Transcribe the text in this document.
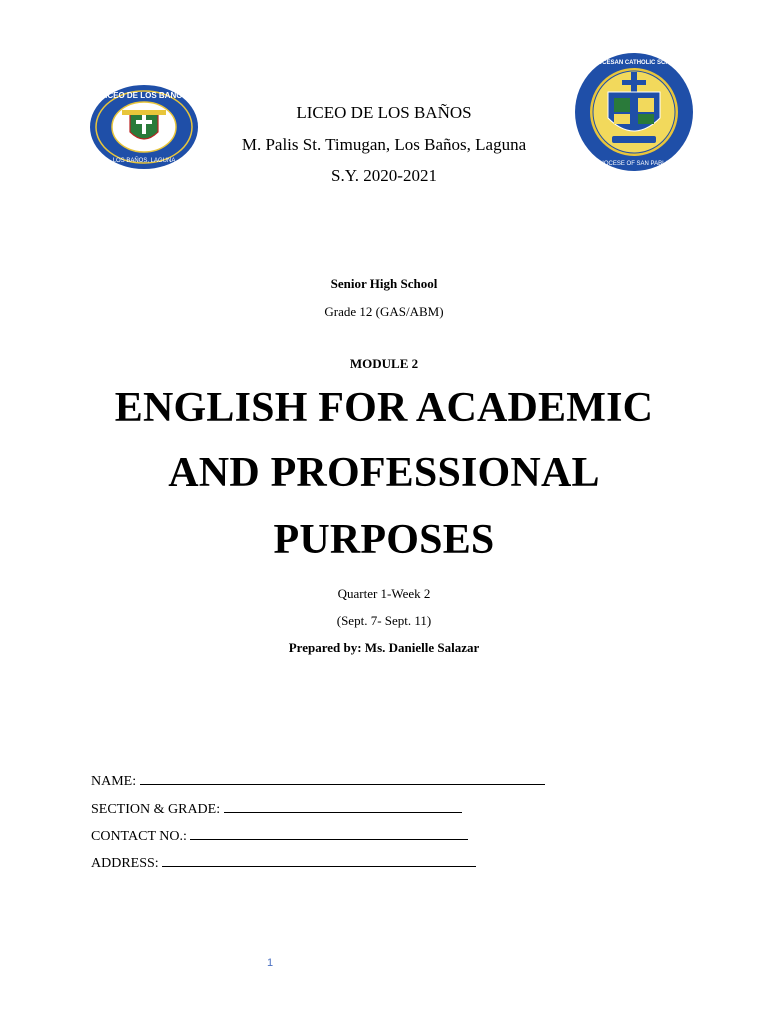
LICEO DE LOS BAÑOS
LOS BAÑOS, LAGUNA
SAN PABLO DIOCESAN CATHOLIC SCHOOLS SYSTEM
DIOCESE OF SAN PABLO
LICEO DE LOS BAÑOS
M. Palis St. Timugan, Los Baños, Laguna
S.Y. 2020-2021
Senior High School
Grade 12 (GAS/ABM)
MODULE 2
ENGLISH FOR ACADEMIC
AND PROFESSIONAL
PURPOSES
Quarter 1-Week 2
(Sept. 7- Sept. 11)
Prepared by: Ms. Danielle Salazar
NAME:
SECTION & GRADE:
CONTACT NO.:
ADDRESS:
1
